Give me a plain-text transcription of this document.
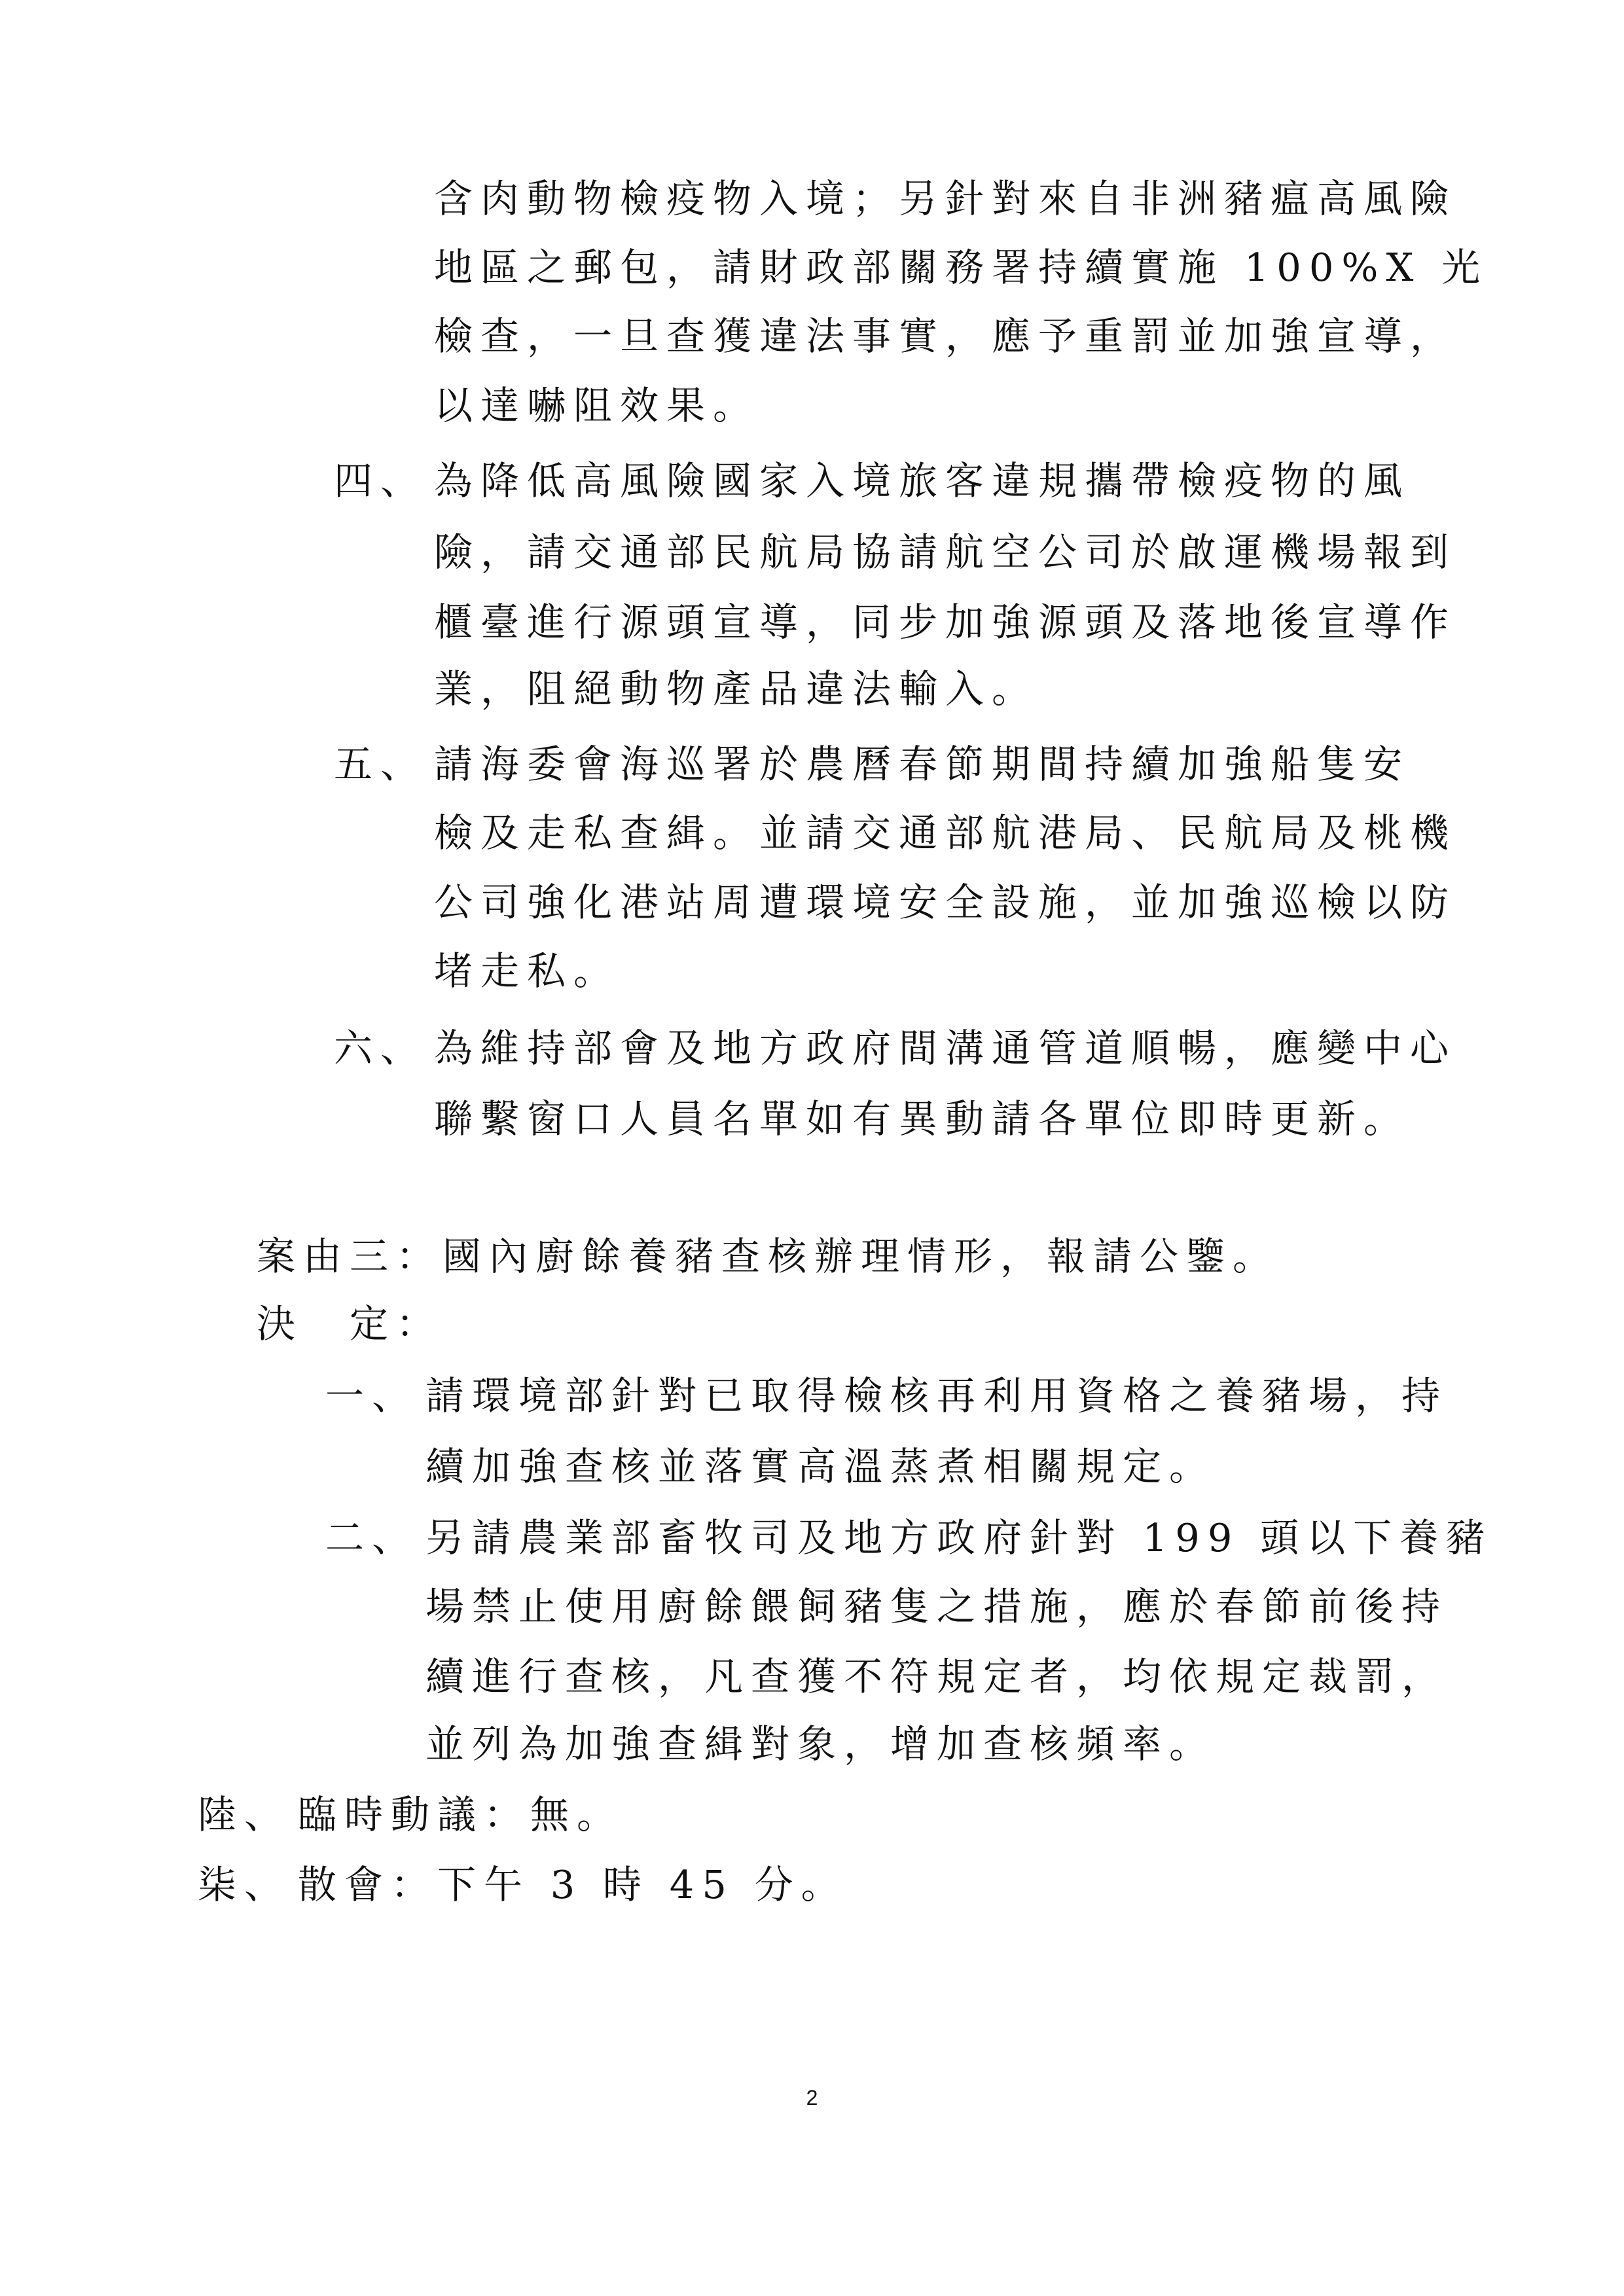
含肉動物檢疫物入境；另針對來自非洲豬瘟高風險

地區之郵包，請財政部關務署持續實施 100%X 光

檢查，一旦查獲違法事實，應予重罰並加強宣導，

以達嚇阻效果。

四、 為降低高風險國家入境旅客違規攜帶檢疫物的風

險，請交通部民航局協請航空公司於啟運機場報到

櫃臺進行源頭宣導，同步加強源頭及落地後宣導作

業，阻絕動物產品違法輸入。

五、 請海委會海巡署於農曆春節期間持續加強船隻安

檢及走私查緝。並請交通部航港局、民航局及桃機

公司強化港站周遭環境安全設施，並加強巡檢以防

堵走私。

六、 為維持部會及地方政府間溝通管道順暢，應變中心

聯繫窗口人員名單如有異動請各單位即時更新。

案由三：國內廚餘養豬查核辦理情形，報請公鑒。

決　定：

一、 請環境部針對已取得檢核再利用資格之養豬場，持

續加強查核並落實高溫蒸煮相關規定。

二、 另請農業部畜牧司及地方政府針對 199 頭以下養豬

場禁止使用廚餘餵飼豬隻之措施，應於春節前後持

續進行查核，凡查獲不符規定者，均依規定裁罰，

並列為加強查緝對象，增加查核頻率。

陸、 臨時動議：無。

柒、 散會：下午 3 時 45 分。

2
